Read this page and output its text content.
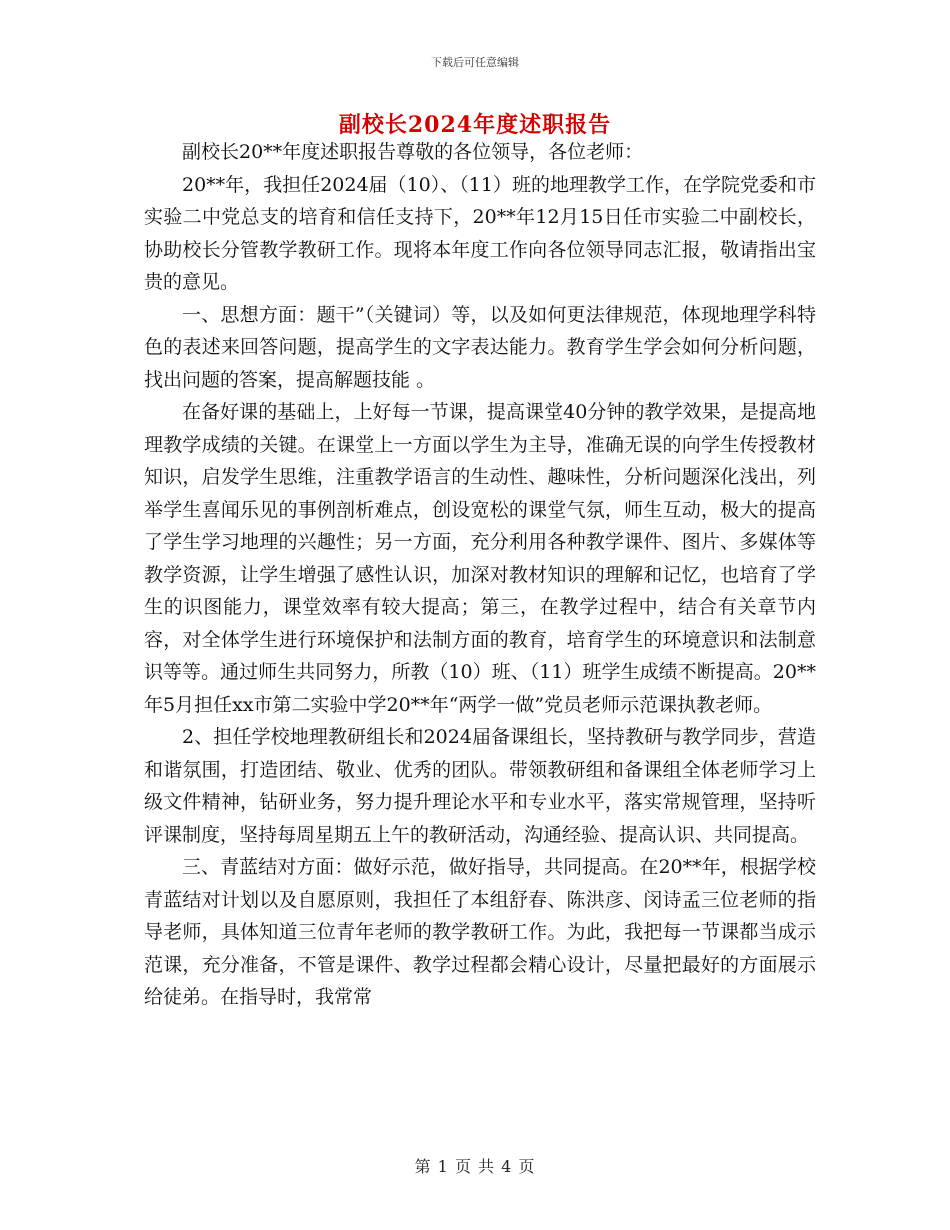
下载后可任意编辑
副校长2024年度述职报告

副校长20**年度述职报告尊敬的各位领导，各位老师：

20**年，我担任2024届（10）、（11）班的地理教学工作，在学院党委和市实验二中党总支的培育和信任支持下，20**年12月15日任市实验二中副校长，协助校长分管教学教研工作。现将本年度工作向各位领导同志汇报，敬请指出宝贵的意见。

一、思想方面：题干”（关键词）等，以及如何更法律规范，体现地理学科特色的表述来回答问题，提高学生的文字表达能力。教育学生学会如何分析问题，找出问题的答案，提高解题技能 。

在备好课的基础上，上好每一节课，提高课堂40分钟的教学效果，是提高地理教学成绩的关键。在课堂上一方面以学生为主导，准确无误的向学生传授教材知识，启发学生思维，注重教学语言的生动性、趣味性，分析问题深化浅出，列举学生喜闻乐见的事例剖析难点，创设宽松的课堂气氛，师生互动，极大的提高了学生学习地理的兴趣性；另一方面，充分利用各种教学课件、图片、多媒体等教学资源，让学生增强了感性认识，加深对教材知识的理解和记忆，也培育了学生的识图能力，课堂效率有较大提高；第三，在教学过程中，结合有关章节内容，对全体学生进行环境保护和法制方面的教育，培育学生的环境意识和法制意识等等。通过师生共同努力，所教（10）班、（11）班学生成绩不断提高。20**年5月担任xx市第二实验中学20**年“两学一做”党员老师示范课执教老师。

2、担任学校地理教研组长和2024届备课组长，坚持教研与教学同步，营造和谐氛围，打造团结、敬业、优秀的团队。带领教研组和备课组全体老师学习上级文件精神，钻研业务，努力提升理论水平和专业水平，落实常规管理，坚持听评课制度，坚持每周星期五上午的教研活动，沟通经验、提高认识、共同提高。

三、青蓝结对方面：做好示范，做好指导，共同提高。在20**年，根据学校青蓝结对计划以及自愿原则，我担任了本组舒春、陈洪彦、闵诗孟三位老师的指导老师，具体知道三位青年老师的教学教研工作。为此，我把每一节课都当成示范课，充分准备，不管是课件、教学过程都会精心设计，尽量把最好的方面展示给徒弟。在指导时，我常常

第 1 页 共 4 页
